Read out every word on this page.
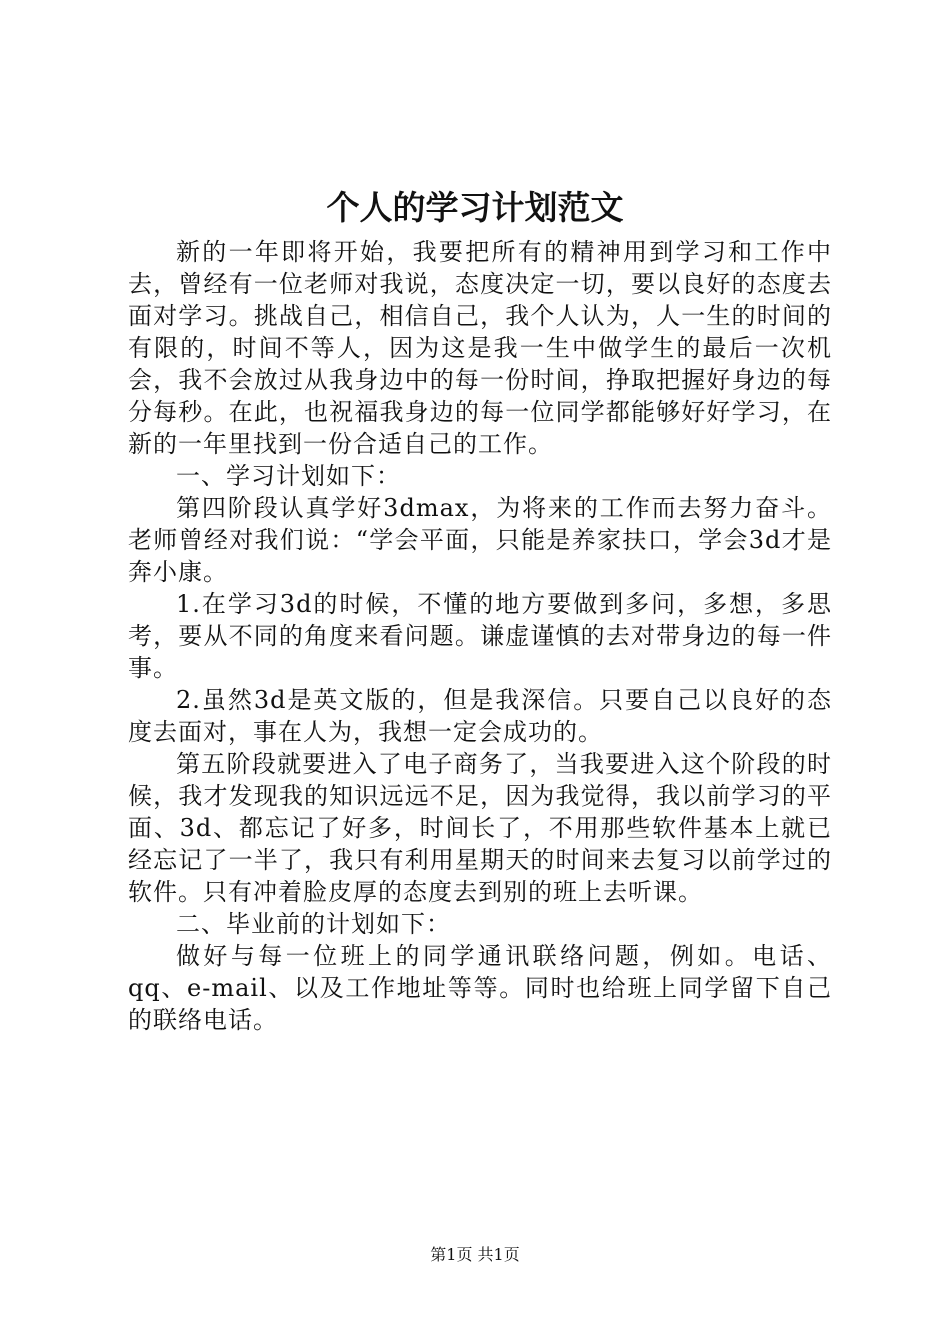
个人的学习计划范文

新的一年即将开始，我要把所有的精神用到学习和工作中去，曾经有一位老师对我说，态度决定一切，要以良好的态度去面对学习。挑战自己，相信自己，我个人认为，人一生的时间的有限的，时间不等人，因为这是我一生中做学生的最后一次机会，我不会放过从我身边中的每一份时间，挣取把握好身边的每分每秒。在此，也祝福我身边的每一位同学都能够好好学习，在新的一年里找到一份合适自己的工作。

一、学习计划如下：

第四阶段认真学好3dmax，为将来的工作而去努力奋斗。老师曾经对我们说：“学会平面，只能是养家扶口，学会3d才是奔小康。

1.在学习3d的时候，不懂的地方要做到多问，多想，多思考，要从不同的角度来看问题。谦虚谨慎的去对带身边的每一件事。

2.虽然3d是英文版的，但是我深信。只要自己以良好的态度去面对，事在人为，我想一定会成功的。

第五阶段就要进入了电子商务了，当我要进入这个阶段的时候，我才发现我的知识远远不足，因为我觉得，我以前学习的平面、3d、都忘记了好多，时间长了，不用那些软件基本上就已经忘记了一半了，我只有利用星期天的时间来去复习以前学过的软件。只有冲着脸皮厚的态度去到别的班上去听课。

二、毕业前的计划如下：

做好与每一位班上的同学通讯联络问题，例如。电话、qq、e-mail、以及工作地址等等。同时也给班上同学留下自己的联络电话。

第1页 共1页
